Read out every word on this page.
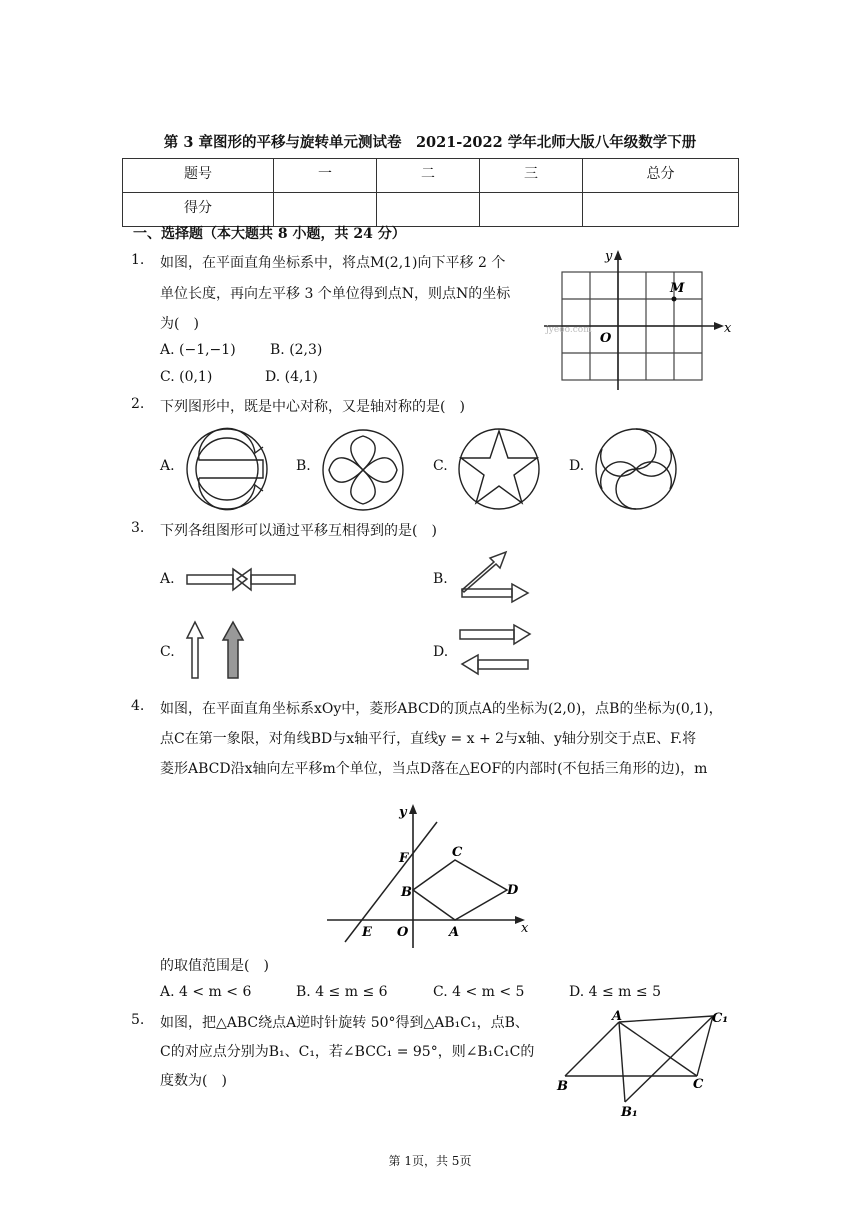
第 3 章图形的平移与旋转单元测试卷　2021-2022 学年北师大版八年级数学下册
题号	一	二	三	总分
得分				
一、选择题（本大题共 8 小题，共 24 分）
1. 如图，在平面直角坐标系中，将点M(2,1)向下平移 2 个
单位长度，再向左平移 3 个单位得到点N，则点N的坐标
为(　)
A. (−1,−1) B. (2,3)
C. (0,1)	D. (4,1)
y
x
M
O
jyeoo.com
2. 下列图形中，既是中心对称，又是轴对称的是(　)
A.	B.	C.	D.
3. 下列各组图形可以通过平移互相得到的是(　)
A.	B.
C.	D.
4. 如图，在平面直角坐标系xOy中，菱形ABCD的顶点A的坐标为(2,0)，点B的坐标为(0,1)，
点C在第一象限，对角线BD与x轴平行，直线y = x + 2与x轴、y轴分别交于点E、F.将
菱形ABCD沿x轴向左平移m个单位，当点D落在△EOF的内部时(不包括三角形的边)，m
y
x
F	C
B	D
E O	A
的取值范围是(　)
A. 4 < m < 6	B. 4 ≤ m ≤ 6	C. 4 < m < 5	D. 4 ≤ m ≤ 5
5. 如图，把△ABC绕点A逆时针旋转 50°得到△AB₁C₁，点B、
C的对应点分别为B₁、C₁，若∠BCC₁ = 95°，则∠B₁C₁C的
度数为(　)
A
B	C
B₁
C₁
第 1页，共 5页
